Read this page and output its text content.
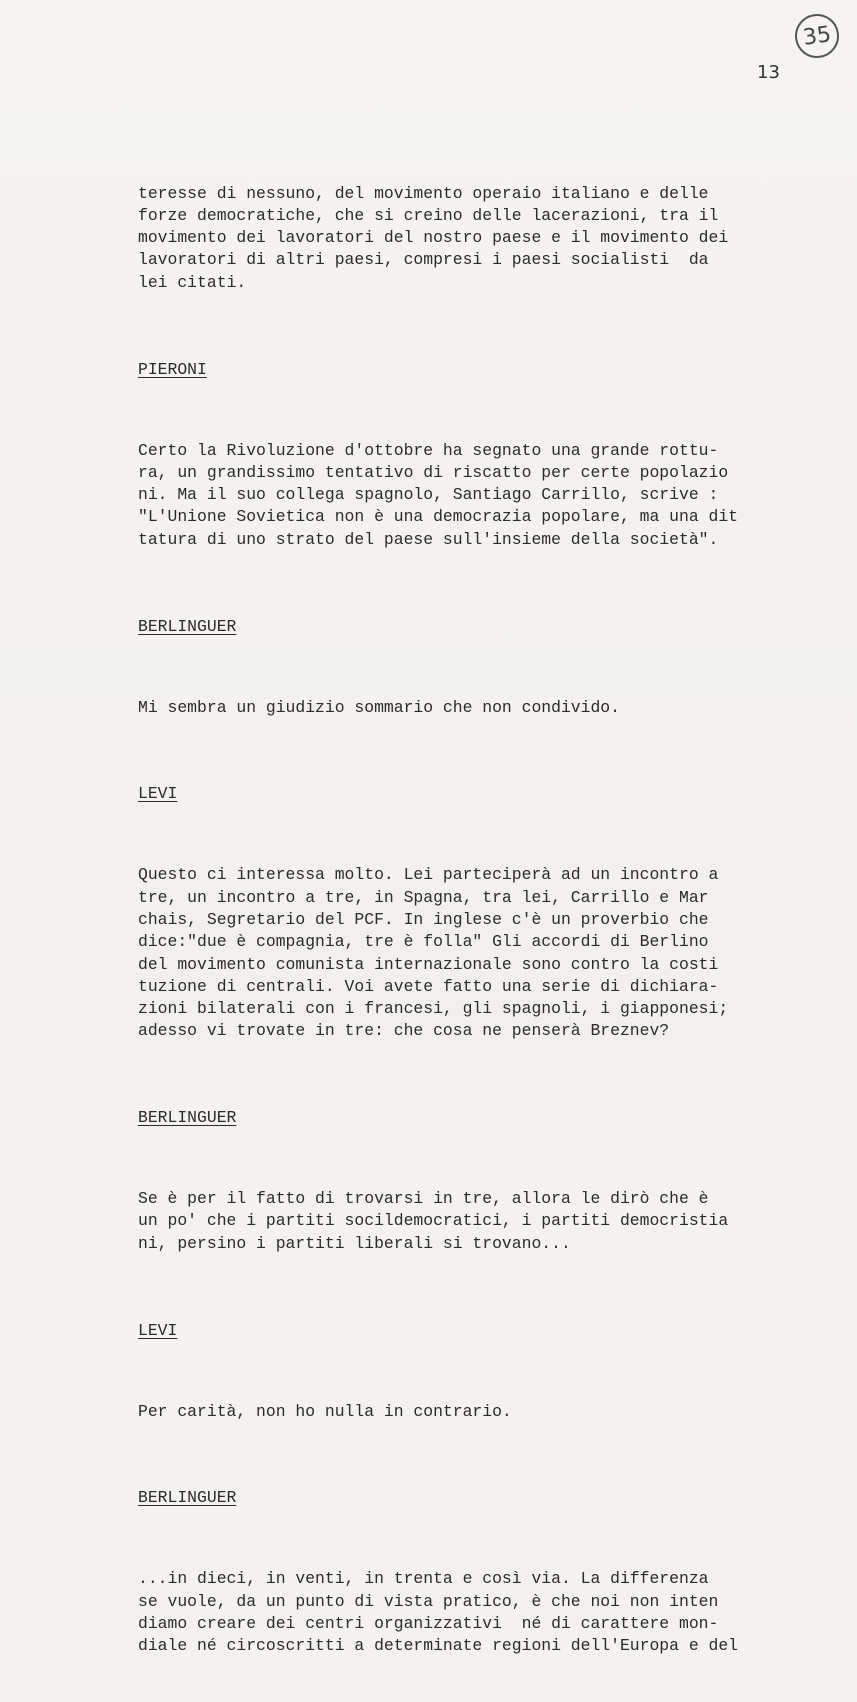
35
13

teresse di nessuno, del movimento operaio italiano e delle
forze democratiche, che si creino delle lacerazioni, tra il
movimento dei lavoratori del nostro paese e il movimento dei
lavoratori di altri paesi, compresi i paesi socialisti  da
lei citati.

PIERONI

Certo la Rivoluzione d'ottobre ha segnato una grande rottu-
ra, un grandissimo tentativo di riscatto per certe popolazio
ni. Ma il suo collega spagnolo, Santiago Carrillo, scrive :
"L'Unione Sovietica non è una democrazia popolare, ma una dit
tatura di uno strato del paese sull'insieme della società".

BERLINGUER

Mi sembra un giudizio sommario che non condivido.

LEVI

Questo ci interessa molto. Lei parteciperà ad un incontro a
tre, un incontro a tre, in Spagna, tra lei, Carrillo e Mar
chais, Segretario del PCF. In inglese c'è un proverbio che
dice:"due è compagnia, tre è folla" Gli accordi di Berlino
del movimento comunista internazionale sono contro la costi
tuzione di centrali. Voi avete fatto una serie di dichiara-
zioni bilaterali con i francesi, gli spagnoli, i giapponesi;
adesso vi trovate in tre: che cosa ne penserà Breznev?

BERLINGUER

Se è per il fatto di trovarsi in tre, allora le dirò che è
un po' che i partiti socildemocratici, i partiti democristia
ni, persino i partiti liberali si trovano...

LEVI

Per carità, non ho nulla in contrario.

BERLINGUER

...in dieci, in venti, in trenta e così via. La differenza
se vuole, da un punto di vista pratico, è che noi non inten
diamo creare dei centri organizzativi  né di carattere mon-
diale né circoscritti a determinate regioni dell'Europa e del
